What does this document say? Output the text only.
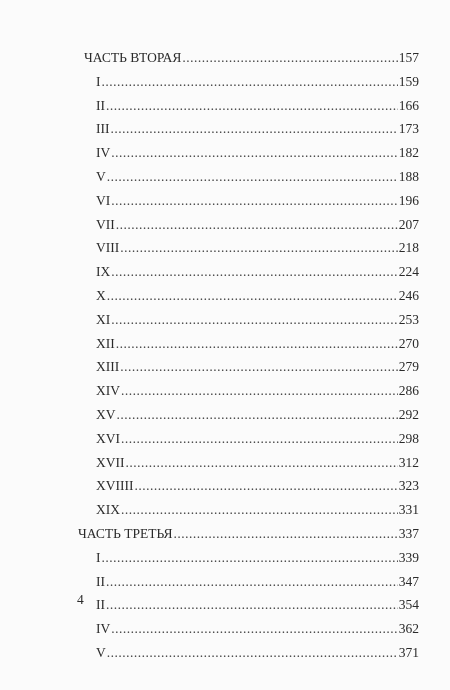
ЧАСТЬ ВТОРАЯ .....	157
I .....	159
II .....	166
III .....	173
IV .....	182
V .....	188
VI .....	196
VII .....	207
VIII .....	218
IX .....	224
X .....	246
XI .....	253
XII .....	270
XIII .....	279
XIV .....	286
XV .....	292
XVI .....	298
XVII .....	312
XVIIII .....	323
XIX .....	331
ЧАСТЬ ТРЕТЬЯ .....	337
I .....	339
II .....	347
II .....	354
IV .....	362
V .....	371
4
